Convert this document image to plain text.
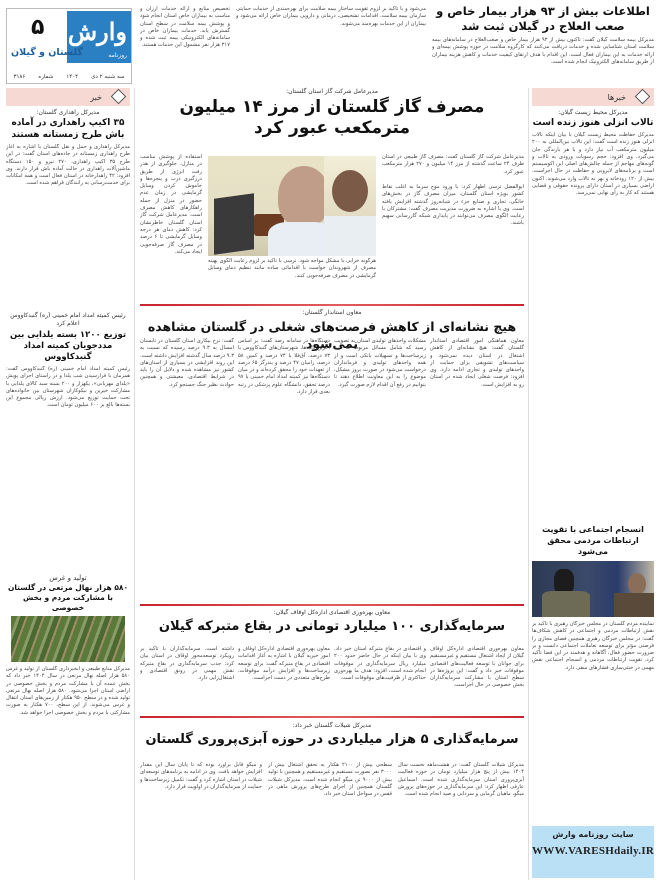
۵ وارش
روزنامه
گلستان و گیلان
سه شنبه ۲ دی
۱۴۰۴
شماره
۳۱۸۶
تخصیص منابع و ارائه خدمات ارزان و مناسب به بیماران خاص استان انجام شود و پوشش بیمه سلامت در سطح استان گسترش یابد. خدمات بیماران خاص در سامانه‌های الکترونیکی بیمه ثبت شده و ۳۱۷ هزار نفر مشمول این خدمات هستند.
می‌شود و با تأکید بر لزوم تقویت ساختار بیمه سلامت برای بهره‌مندی از خدمات حمایتی سازمان بیمه سلامت، اقدامات تشخیصی، درمانی و دارویی بیماران خاص ارائه می‌شود و بیماران از این خدمات بهره‌مند می‌شوند.
اطلاعات بیش از ۹۳ هزار بیمار خاص و صعب العلاج در گیلان ثبت شد
مدیرکل بیمه سلامت گیلان گفت: تاکنون بیش از ۹۳ هزار بیمار خاص و صعب‌العلاج در سامانه‌های بیمه سلامت استان شناسایی شده و خدمات دریافت می‌کنند که کارگروه سلامت در حوزه پوشش بیمه‌ای و ارائه خدمات به این بیماران فعال است. این اقدام با هدف ارتقای کیفیت خدمات و کاهش هزینه بیماران از طریق سامانه‌های الکترونیک انجام شده است.
خبر
مدیرکل راهداری گلستان:
۳۵ اکیپ راهداری در آماده باش طرح زمستانه هستند
مدیرکل راهداری و حمل و نقل گلستان با اشاره به آغاز طرح راهداری زمستانه در جاده‌های استان گفت: در این طرح ۳۵ اکیپ راهداری، ۲۷۰ نیرو و ۱۵۰ دستگاه ماشین‌آلات راهداری در حالت آماده باش قرار دارند. وی افزود: ۴۲ راهدارخانه در استان فعال است و همه امکانات برای خدمت‌رسانی به رانندگان فراهم شده است.
رئیس کمیته امداد امام خمینی (ره) گنبدکاووس اعلام کرد
توزیع ۱۲۰۰ بسته یلدایی بین مددجویان کمیته امداد گنبدکاووس
رئیس کمیته امداد امام خمینی (ره) گنبدکاووس گفت: همزمان با فرارسیدن شب یلدا و در راستای اجرای پویش «یلدای مهربانی»، یکهزار و ۲۰۰ بسته سبد کالای یلدایی با مشارکت خیرین و نیکوکاران شهرستان بین خانواده‌های تحت حمایت توزیع می‌شود. ارزش ریالی مجموع این بسته‌ها بالغ بر ۶۰۰ میلیون تومان است.
تولید و غرس
۵۸۰ هزار نهال مرتعی در گلستان با مشارکت مردم و بخش خصوصی
مدیرکل منابع طبیعی و آبخیزداری گلستان از تولید و غرس ۵۸۰ هزار اصله نهال مرتعی در سال ۱۴۰۴ خبر داد که بخش عمده آن با مشارکت مردم و بخش خصوصی در اراضی استان اجرا می‌شود. ۵۸۰ هزار اصله نهال مرتعی تولید شده و در سطح ۹۵۰ هکتار از زمین‌های استان انتقال و غرس می‌شوند. از این سطح، ۷۰۰ هکتار به صورت مشارکتی با مردم و بخش خصوصی اجرا خواهد شد.
مدیرعامل شرکت گاز استان گلستان:
مصرف گاز گلستان از مرز ۱۴ میلیون مترمکعب عبور کرد
استفاده از پوشش مناسب در منازل، جلوگیری از هدر رفت انرژی از طریق درزگیری درب و پنجره‌ها و خاموش کردن وسایل گرمایشی در زمان عدم حضور در منزل از جمله راهکارهای کاهش مصرف است. مدیرعامل شرکت گاز استان گلستان خاطرنشان کرد: کاهش دمای هر درجه وسایل گرمایشی تا ۶ درصد در مصرف گاز صرفه‌جویی ایجاد می‌کند.
هرگونه خرابی با مشکل مواجه شود. ترسی با تأکید بر لزوم رعایت الگوی بهینه مصرف از شهروندان خواست با اقداماتی ساده مانند تنظیم دمای وسایل گرمایشی در مصرف صرفه‌جویی کنند.
مدیرعامل شرکت گاز گلستان گفت: مصرف گاز طبیعی در استان ظرف ۲۴ ساعت گذشته از مرز ۱۴ میلیون و ۲۷۰ هزار مترمکعب عبور کرد.
ابوالفضل ترسی اظهار کرد: با ورود موج سرما به اغلب نقاط کشور بویژه استان گلستان، میزان مصرف گاز در بخش‌های خانگی، تجاری و صنایع جزء در شبانه‌روز گذشته افزایش یافته است. وی با اشاره به ضرورت مدیریت مصرف گفت: مشترکان با رعایت الگوی مصرف می‌توانند در پایداری شبکه گازرسانی سهیم باشند.
معاون استاندار گلستان:
هیچ نشانه‌ای از کاهش فرصت‌های شغلی در گلستان مشاهده نمی‌شود	معاون هماهنگی امور اقتصادی استاندار گلستان گفت: هیچ نشانه‌ای از کاهش اشتغال در استان دیده نمی‌شود و سیاست‌های تشویقی برای حمایت از واحدهای تولیدی و تجاری ادامه دارد. وی افزود: فرصت شغلی ایجاد شده در استان رو به افزایش است.
مشکلات واحدهای تولیدی استان به تصویب رسید که شامل مسائل مربوط به آب، زیرساخت‌ها و تسهیلات بانکی است و از همه واحدهای تولیدی و فرمانداران درخواست می‌شود در صورت بروز مشکل، موضوع را به این معاونت اطلاع دهند تا بتوانیم در رفع آن اقدام لازم صورت گیرد.
دستگاه‌ها در سامانه رصد گفت: بر اساس آخرین داده‌ها، شهرستان‌های گنبدکاووس با ۷۳ درصد، آق‌قلا با ۷۴ درصد و کمین ۵۸ درصد، رامیان ۴۷ درصد و بندرگز ۶۵ درصد از تعهدات خود را محقق کرده‌اند و در میان دستگاه‌ها نیز کمیته امداد امام خمینی با ۹۷ درصد تحقق، دانشگاه علوم پزشکی در رتبه بعدی قرار دارد.
گفت: نرخ بیکاری استان گلستان در تابستان امسال به ۹.۳ درصد رسیده که نسبت به ۹.۳ درصد سال گذشته افزایش داشته است. این روند افزایشی در بسیاری از استان‌های کشور نیز مشاهده شده و دلایل آن را باید در شرایط اقتصادی، معیشتی و همچنین حوادث نظیر جنگ جستجو کرد.
معاون بهره‌وری اقتصادی اداره‌کل اوقاف گیلان:
سرمایه‌گذاری ۱۰۰ میلیارد تومانی در بقاع متبرکه گیلان
معاون بهره‌وری اقتصادی اداره‌کل اوقاف گیلان از ایجاد اشتغال مستقیم و غیرمستقیم برای جوانان با توسعه فعالیت‌های اقتصادی موقوفات خبر داد و گفت: این پروژه‌ها در سطح استان با مشارکت سرمایه‌گذاران بخش خصوصی در حال اجراست.
و اقتصادی در بقاع متبرکه استان خبر داد. وی با بیان اینکه در حال حاضر حدود ۲۰۰ میلیارد ریال سرمایه‌گذاری در موقوفات انجام شده است، افزود: هدف ما بهره‌وری حداکثری از ظرفیت‌های موقوفات است.
معاون بهره‌وری اقتصادی اداره‌کل اوقاف و امور خیریه گیلان با اشاره به آغاز اقدامات اقتصادی در بقاع متبرکه گفت: برای توسعه زیرساخت‌ها و افزایش درآمد موقوفات، طرح‌های متعددی در دست اجراست.
داشته است. سرمایه‌گذاران با تأکید بر رویکرد توسعه‌محور اوقاف در استان بیان کرد: جذب سرمایه‌گذاری در بقاع متبرکه نقش مهمی در رونق اقتصادی و اشتغال‌زایی دارد.
مدیرکل شیلات گلستان خبر داد:
سرمایه‌گذاری ۵ هزار میلیاردی در حوزه آبزی‌پروری گلستان
مدیرکل شیلات گلستان گفت: در هشت‌ماهه نخست سال ۱۴۰۴ بیش از پنج هزار میلیارد تومان در حوزه فعالیت آبزی‌پروری استان سرمایه‌گذاری شده است. اسماعیل عارفی اظهار کرد: این سرمایه‌گذاری در حوزه‌های پرورش میگو، ماهیان گرمابی و سردابی و صید انجام شده است.
سطحی بیش از ۲۱۰۰ هکتار به تحقق اشتغال بیش از ۳۰۰۰ نفر بصورت مستقیم و غیرمستقیم و همچنین با تولید بیش از ۹۰۰۰ تن میگو انجام شده است. مدیرکل شیلات گلستان همچنین از اجرای طرح‌های پرورش ماهی در قفس در سواحل استان خبر داد.
و میگو قابل برآورد بوده که تا پایان سال این مقدار افزایش خواهد یافت. وی در ادامه به برنامه‌های توسعه‌ای شیلات در استان اشاره کرد و گفت: تکمیل زیرساخت‌ها و حمایت از سرمایه‌گذاران در اولویت قرار دارد.
خبرها
مدیرکل محیط زیست گیلان:
تالاب انزلی هنوز زنده است
مدیرکل حفاظت محیط زیست گیلان با بیان اینکه تالاب انزلی هنوز زنده است گفت: این تالاب بین‌المللی به ۲۰۰ میلیون مترمکعب آب نیاز دارد و با هر بارندگی جان می‌گیرد. وی افزود: حجم رسوبات ورودی به تالاب و گونه‌های مهاجم از جمله چالش‌های اصلی این اکوسیستم است و برنامه‌های لایروبی و حفاظت در حال اجراست. بیش از ۱۲۰ رودخانه و نهر به تالاب وارد می‌شوند. اکنون اراضی بسیاری در استان دارای پرونده حقوقی و قضایی هستند که کار به رأی نهایی نمی‌رسد.
انسجام اجتماعی با تقویت ارتباطات مردمی محقق می‌شود
نماینده مردم گلستان در مجلس خبرگان رهبری با تأکید بر نقش ارتباطات مردمی و اجتماعی در کاهش شکاف‌ها گفت: در مجلس خبرگان رهبری همچنین فضای مجازی را فرصتی مؤثر برای توسعه تعاملات اجتماعی دانست و بر ضرورت حضور فعال، آگاهانه و هدفمند در این فضا تأکید کرد. تقویت ارتباطات مردمی و انسجام اجتماعی نقش مهمی در خنثی‌سازی فشارهای منفی دارد.
سایت روزنامه وارش
WWW.VARESHdaily.IR
